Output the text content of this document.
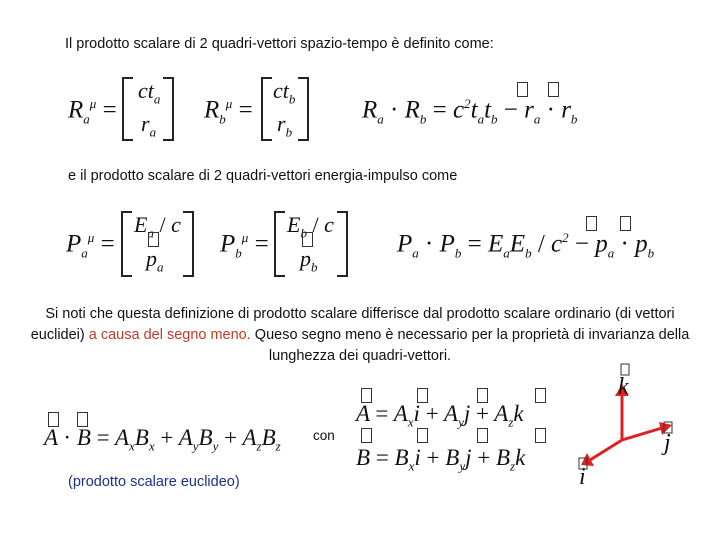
Il prodotto scalare di 2 quadri-vettori spazio-tempo è definito come:
$R_a^\mu$ =
$ct_a$
$r_a$
$R_b^\mu$ =
$ct_b$
$r_b$
$R_a \cdot R_b = c^2t_at_b - r_a \cdot r_b$
e il prodotto scalare di 2 quadri-vettori energia-impulso come
$P_a^\mu$ =
$E_a$ / c
$p_a$
$P_b^\mu$ =
$E_b$ / c
$p_b$
$P_a \cdot P_b = E_aE_b / c^2 - p_a \cdot p_b$
Si noti che questa definizione di prodotto scalare differisce dal prodotto scalare ordinario (di vettori euclidei) a causa del segno meno. Queso segno meno è necessario per la proprietà di invarianza della lunghezza dei quadri-vettori.
$A \cdot B = A_xB_x + A_yB_y + A_zB_z$
con
$A = A_xi + A_yj + A_zk$
$B = B_xi + B_yj + B_zk$
(prodotto scalare euclideo)
k
j
i
